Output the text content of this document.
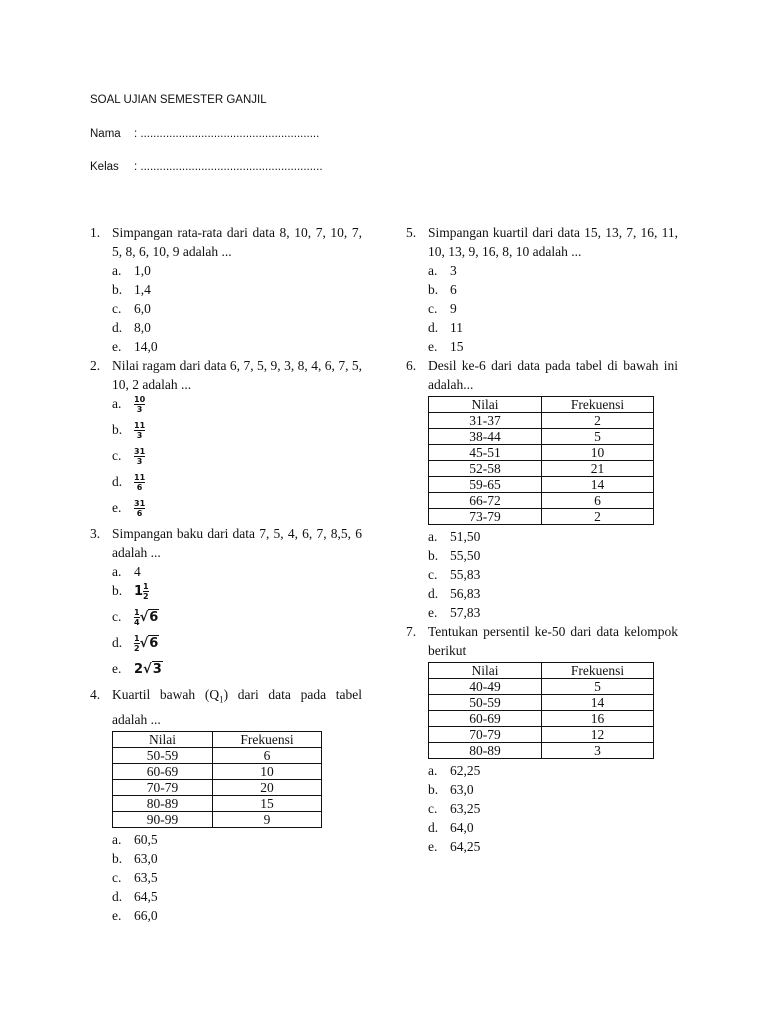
SOAL UJIAN SEMESTER GANJIL
Nama : ........................................................
Kelas : .........................................................
1. Simpangan rata-rata dari data 8, 10, 7, 10, 7, 5, 8, 6, 10, 9 adalah ...
a. 1,0
b. 1,4
c. 6,0
d. 8,0
e. 14,0
2. Nilai ragam dari data 6, 7, 5, 9, 3, 8, 4, 6, 7, 5, 10, 2 adalah ...
a. $\frac{10}{3}$
b. $\frac{11}{3}$
c. $\frac{31}{3}$
d. $\frac{11}{6}$
e. $\frac{31}{6}$
3. Simpangan baku dari data 7, 5, 4, 6, 7, 8,5, 6 adalah ...
a. 4
b. $1 \frac{1}{2}$
c. $\frac{1}{4} √6$
d. $\frac{1}{2} √6$
e. 2√3
4. Kuartil bawah $(Q_1)$ dari data pada tabel adalah ...
Nilai	Frekuensi
50-59	6
60-69	10
70-79	20
80-89	15
90-99	9
a. 60,5
b. 63,0
c. 63,5
d. 64,5
e. 66,0
5. Simpangan kuartil dari data 15, 13, 7, 16, 11, 10, 13, 9, 16, 8, 10 adalah ...
a. 3
b. 6
c. 9
d. 11
e. 15
6. Desil ke-6 dari data pada tabel di bawah ini adalah...
Nilai	Frekuensi
31-37	2
38-44	5
45-51	10
52-58	21
59-65	14
66-72	6
73-79	2
a. 51,50
b. 55,50
c. 55,83
d. 56,83
e. 57,83
7. Tentukan persentil ke-50 dari data kelompok berikut
Nilai	Frekuensi
40-49	5
50-59	14
60-69	16
70-79	12
80-89	3
a. 62,25
b. 63,0
c. 63,25
d. 64,0
e. 64,25
